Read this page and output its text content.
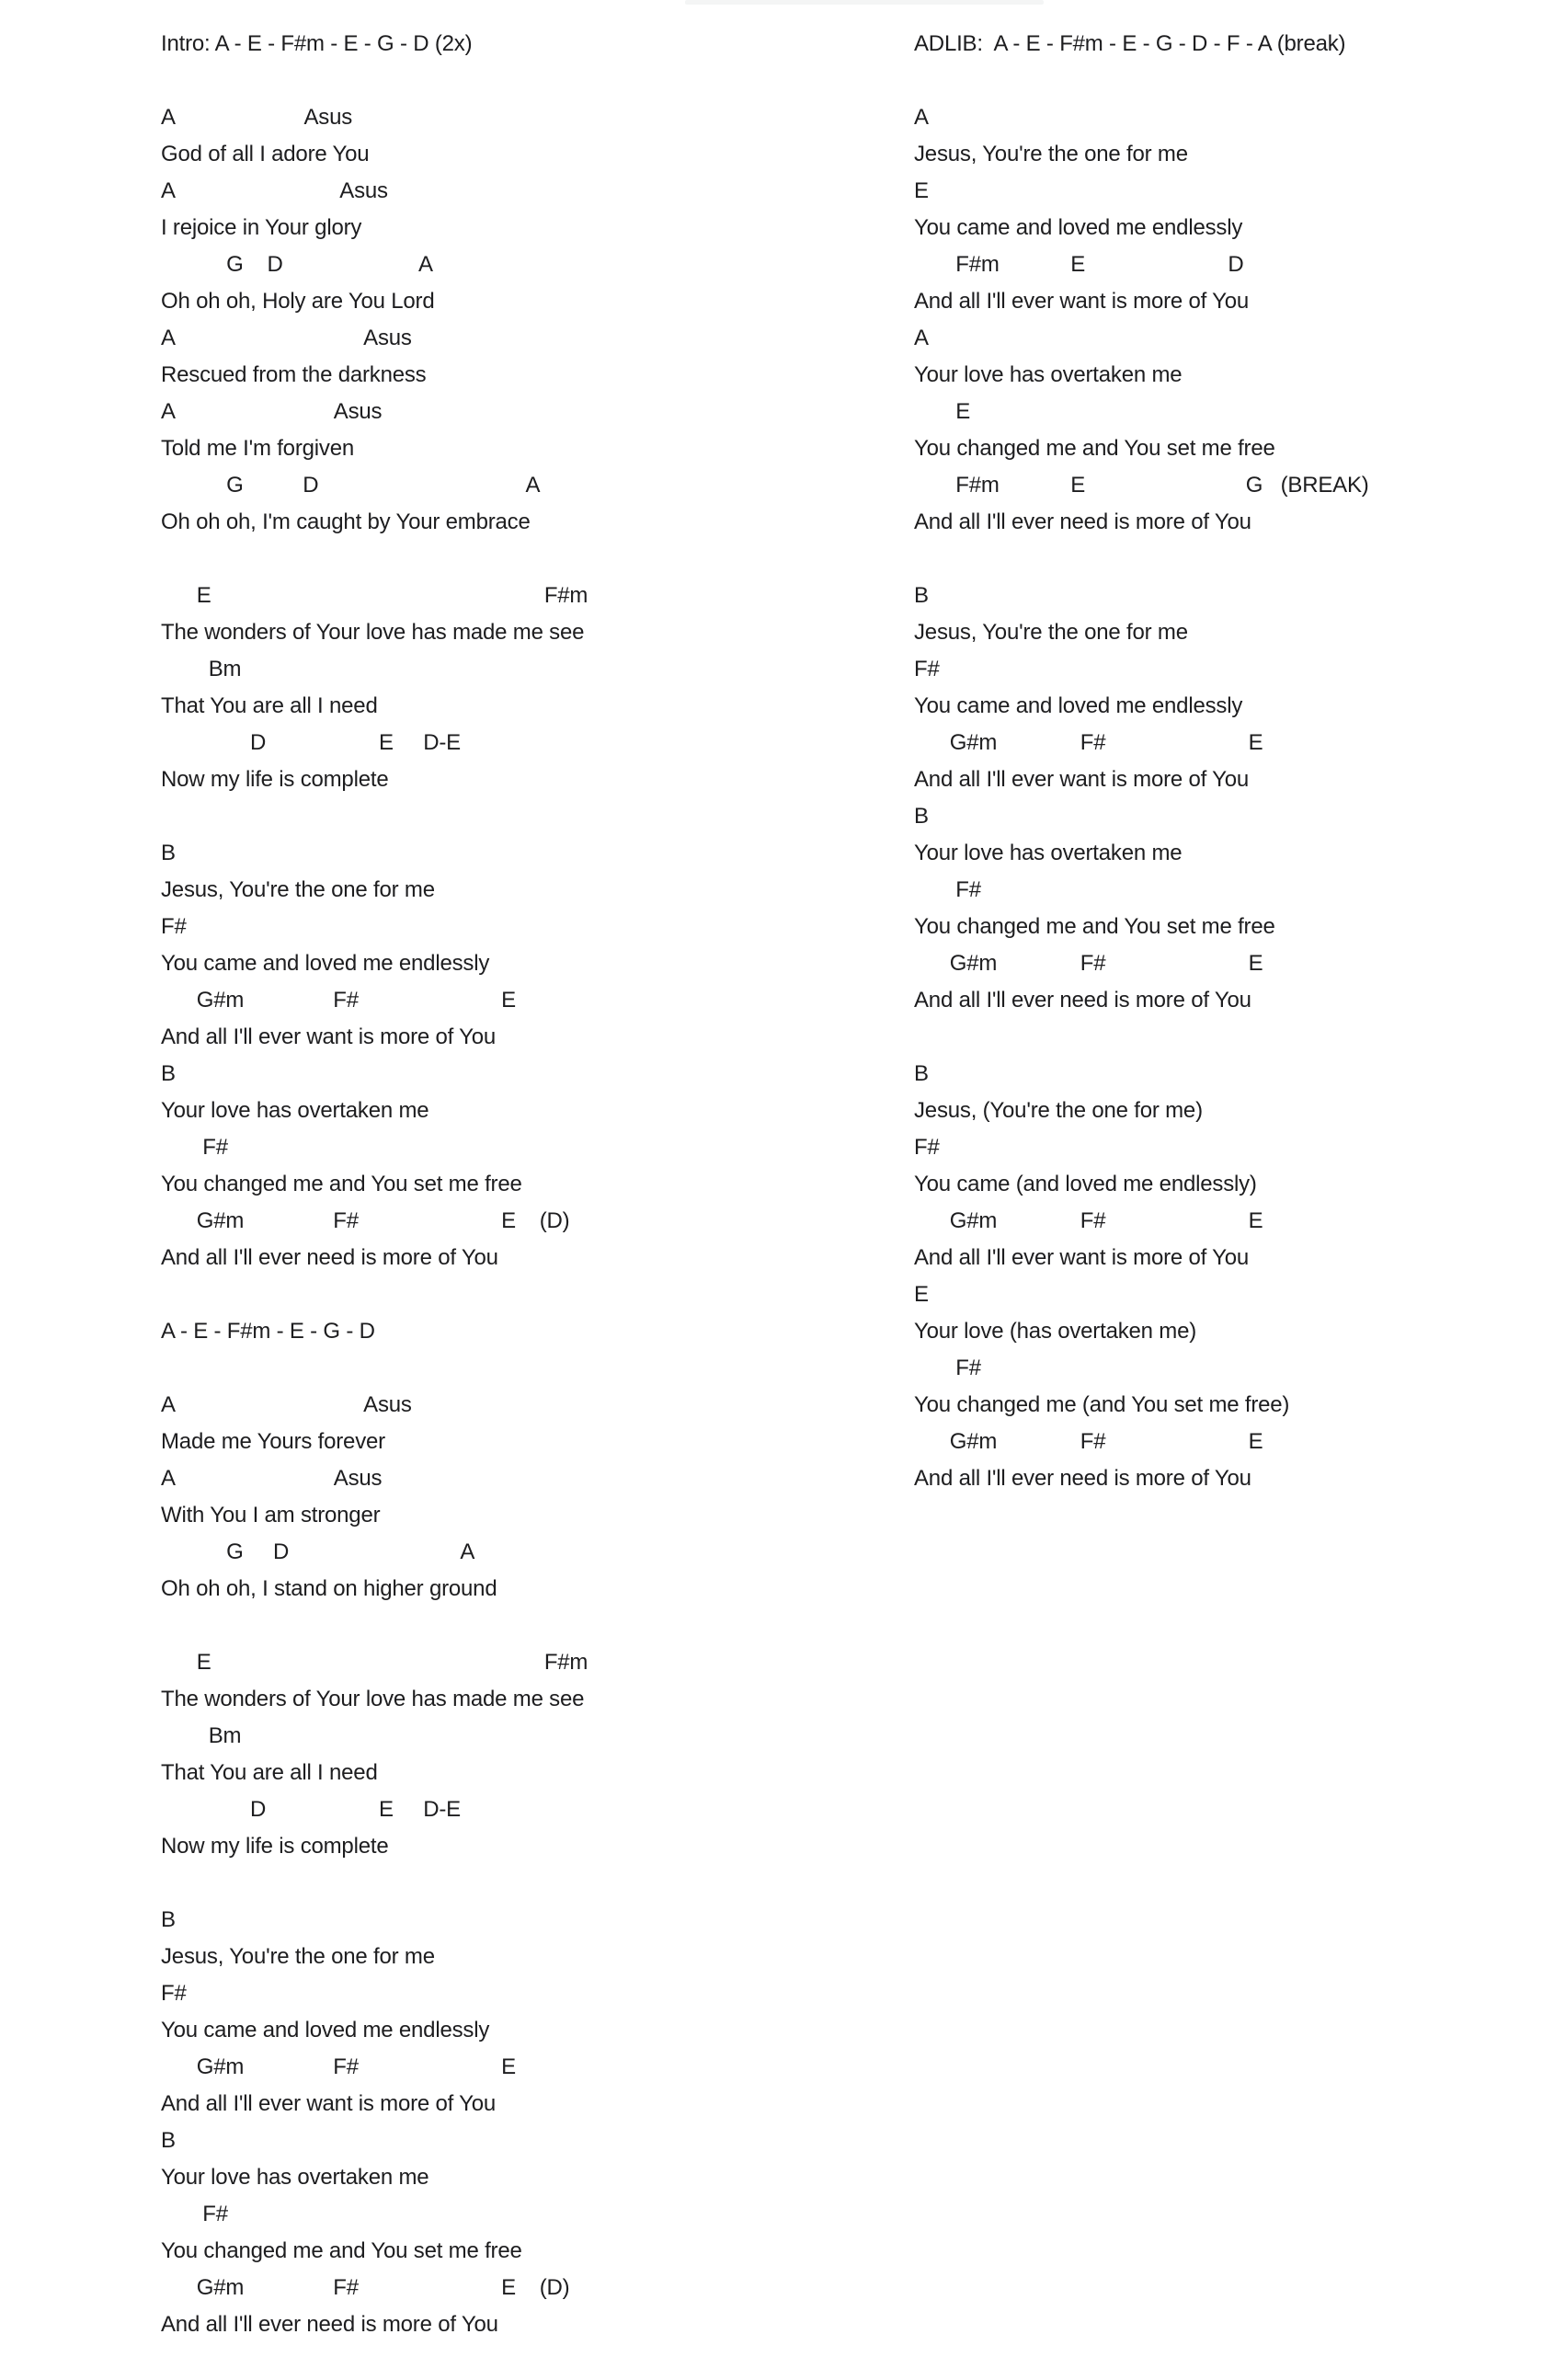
Intro: A - E - F#m - E - G - D (2x)
A                      Asus
God of all I adore You
A                            Asus
I rejoice in Your glory
G    D                       A
Oh oh oh, Holy are You Lord
A                                Asus
Rescued from the darkness
A                           Asus
Told me I'm forgiven
G          D                                   A
Oh oh oh, I'm caught by Your embrace
E                                                        F#m
The wonders of Your love has made me see
Bm
That You are all I need
D                   E     D-E
Now my life is complete
B
Jesus, You're the one for me
F#
You came and loved me endlessly
G#m               F#                        E
And all I'll ever want is more of You
B
Your love has overtaken me
F#
You changed me and You set me free
G#m               F#                        E    (D)
And all I'll ever need is more of You
A - E - F#m - E - G - D
A                                Asus
Made me Yours forever
A                           Asus
With You I am stronger
G     D                             A
Oh oh oh, I stand on higher ground
E                                                        F#m
The wonders of Your love has made me see
Bm
That You are all I need
D                   E     D-E
Now my life is complete
B
Jesus, You're the one for me
F#
You came and loved me endlessly
G#m               F#                        E
And all I'll ever want is more of You
B
Your love has overtaken me
F#
You changed me and You set me free
G#m               F#                        E    (D)
And all I'll ever need is more of You
ADLIB:  A - E - F#m - E - G - D - F - A (break)
A
Jesus, You're the one for me
E
You came and loved me endlessly
F#m            E                        D
And all I'll ever want is more of You
A
Your love has overtaken me
E
You changed me and You set me free
F#m            E                           G   (BREAK)
And all I'll ever need is more of You
B
Jesus, You're the one for me
F#
You came and loved me endlessly
G#m              F#                        E
And all I'll ever want is more of You
B
Your love has overtaken me
F#
You changed me and You set me free
G#m              F#                        E
And all I'll ever need is more of You
B
Jesus, (You're the one for me)
F#
You came (and loved me endlessly)
G#m              F#                        E
And all I'll ever want is more of You
E
Your love (has overtaken me)
F#
You changed me (and You set me free)
G#m              F#                        E
And all I'll ever need is more of You
